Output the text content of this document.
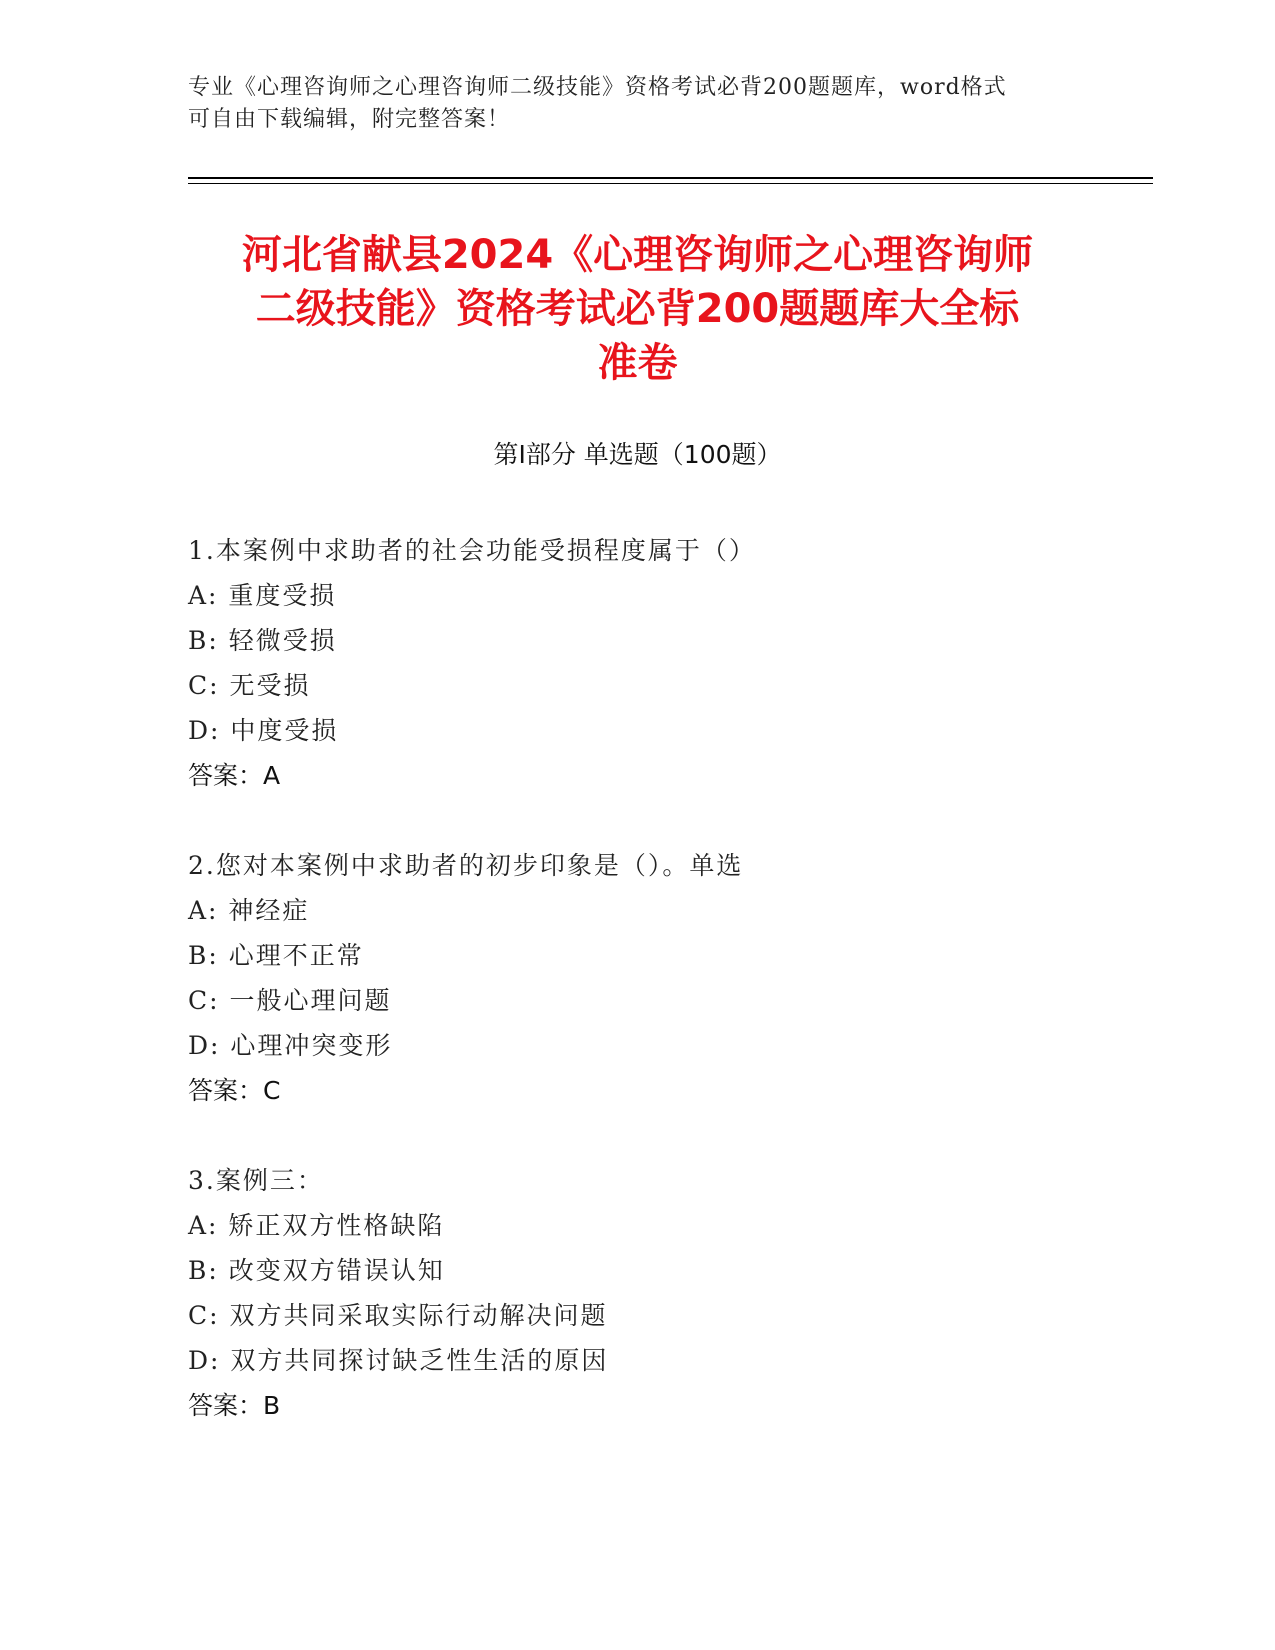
专业《心理咨询师之心理咨询师二级技能》资格考试必背200题题库，word格式
可自由下载编辑，附完整答案！
河北省献县2024《心理咨询师之心理咨询师
二级技能》资格考试必背200题题库大全标
准卷
第Ⅰ部分 单选题（100题）
1.本案例中求助者的社会功能受损程度属于（）
A: 重度受损
B: 轻微受损
C: 无受损
D: 中度受损
答案：A
2.您对本案例中求助者的初步印象是（）。单选
A: 神经症
B: 心理不正常
C: 一般心理问题
D: 心理冲突变形
答案：C
3.案例三：
A: 矫正双方性格缺陷
B: 改变双方错误认知
C: 双方共同采取实际行动解决问题
D: 双方共同探讨缺乏性生活的原因
答案：B
